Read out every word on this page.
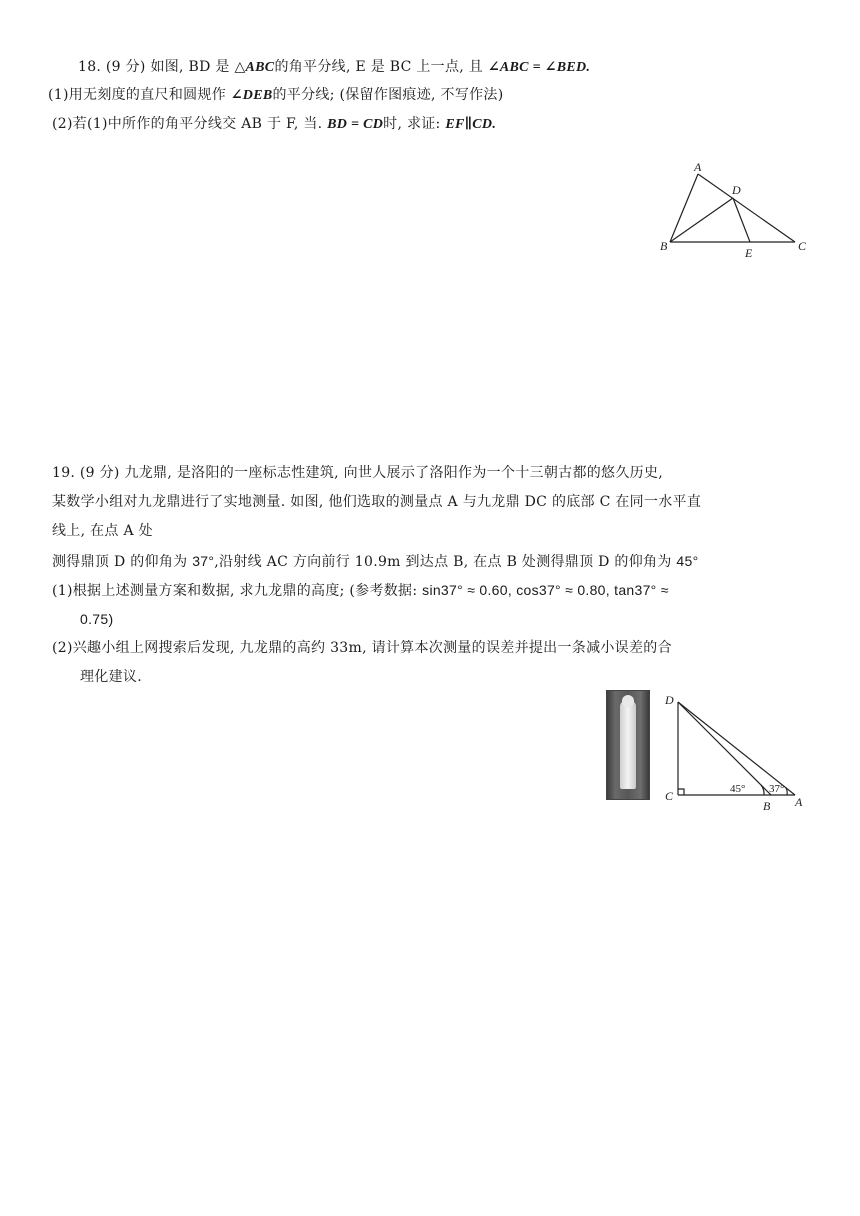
18. (9 分) 如图, BD 是 △ABC的角平分线, E 是 BC 上一点, 且 ∠ABC = ∠BED.
(1)用无刻度的直尺和圆规作 ∠DEB的平分线; (保留作图痕迹, 不写作法)
(2)若(1)中所作的角平分线交 AB 于 F, 当. BD = CD时, 求证: EF∥CD.
A
D
B	E	C
19. (9 分) 九龙鼎, 是洛阳的一座标志性建筑, 向世人展示了洛阳作为一个十三朝古都的悠久历史,
某数学小组对九龙鼎进行了实地测量. 如图, 他们选取的测量点 A 与九龙鼎 DC 的底部 C 在同一水平直
线上, 在点 A 处
测得鼎顶 D 的仰角为 37°,沿射线 AC 方向前行 10.9m 到达点 B, 在点 B 处测得鼎顶 D 的仰角为 45°
(1)根据上述测量方案和数据, 求九龙鼎的高度; (参考数据: sin37° ≈ 0.60, cos37° ≈ 0.80, tan37° ≈
0.75)
(2)兴趣小组上网搜索后发现, 九龙鼎的高约 33m, 请计算本次测量的误差并提出一条减小误差的合
理化建议.
D
C
B A
45° 37°
